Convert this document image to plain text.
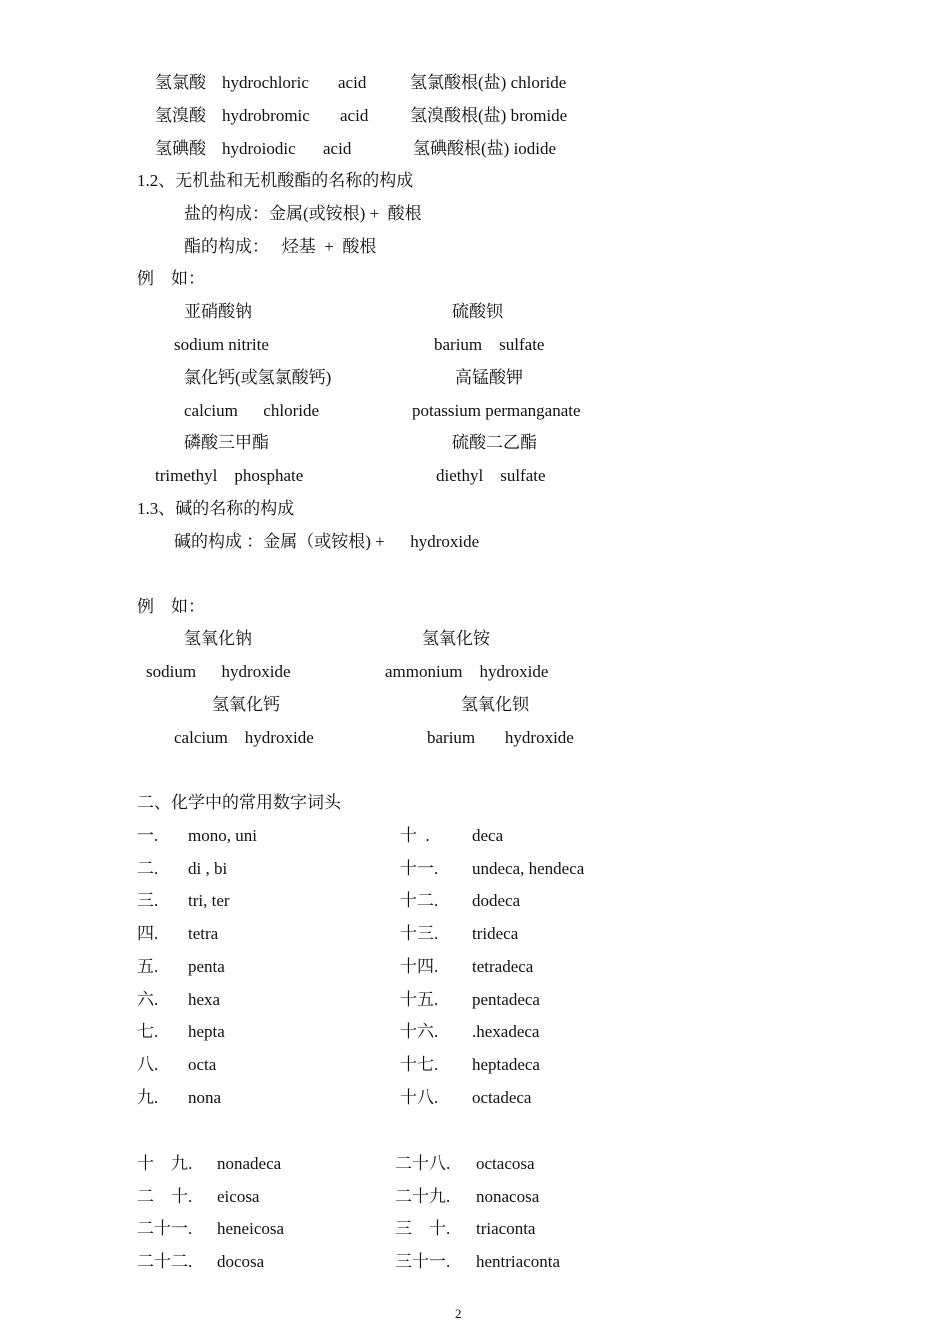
氢氯酸 hydrochloric acid	氢氯酸根(盐) chloride
氢溴酸 hydrobromic acid 氢溴酸根(盐) bromide
氢碘酸 hydroiodic acid	氢碘酸根(盐) iodide
1.2、无机盐和无机酸酯的名称的构成
盐的构成：金属(或铵根) +  酸根
酯的构成：   烃基  +  酸根
例    如：
亚硝酸钠	硫酸钡
sodium nitrite	barium    sulfate
氯化钙(或氢氯酸钙)	高锰酸钾
calcium      chloride	potassium permanganate
磷酸三甲酯	硫酸二乙酯
trimethyl    phosphate	diethyl    sulfate
1.3、碱的名称的构成
碱的构成 ：金属（或铵根) +      hydroxide
例    如：
氢氧化钠	氢氧化铵
sodium      hydroxide	ammonium    hydroxide
氢氧化钙	氢氧化钡
calcium    hydroxide	barium       hydroxide
二、化学中的常用数字词头
一. mono, uni	十  . deca
二. di , bi	十一. undeca, hendeca
三. tri, ter	十二. dodeca
四. tetra	十三. trideca
五. penta	十四. tetradeca
六. hexa	十五. pentadeca
七. hepta	十六. .hexadeca
八. octa	十七. heptadeca
九. nona	十八. octadeca
十    九. nonadeca	二十八. octacosa
二    十. eicosa	二十九. nonacosa
二十一. heneicosa	三    十. triaconta
二十二. docosa	三十一. hentriaconta
2
